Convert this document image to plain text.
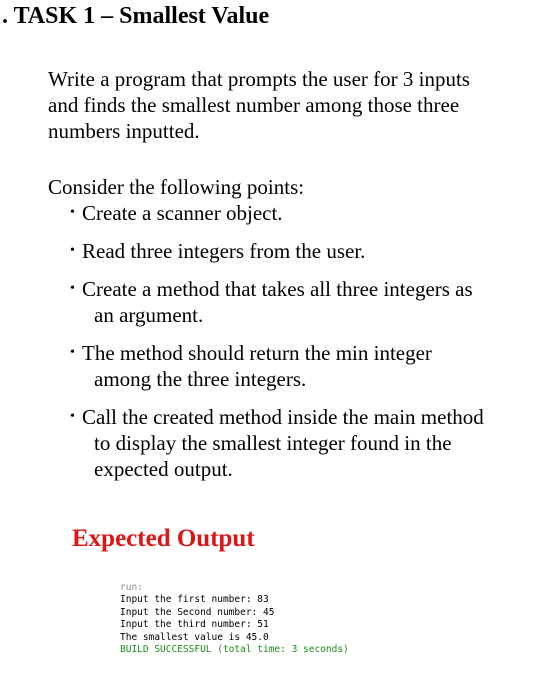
. TASK 1 – Smallest Value
Write a program that prompts the user for 3 inputs
and finds the smallest number among those three
numbers inputted.
Consider the following points:
• Create a scanner object.
• Read three integers from the user.
• Create a method that takes all three integers as
an argument.
• The method should return the min integer
among the three integers.
• Call the created method inside the main method
to display the smallest integer found in the
expected output.
Expected Output
run:
Input the first number: 83
Input the Second number: 45
Input the third number: 51
The smallest value is 45.0
BUILD SUCCESSFUL (total time: 3 seconds)
